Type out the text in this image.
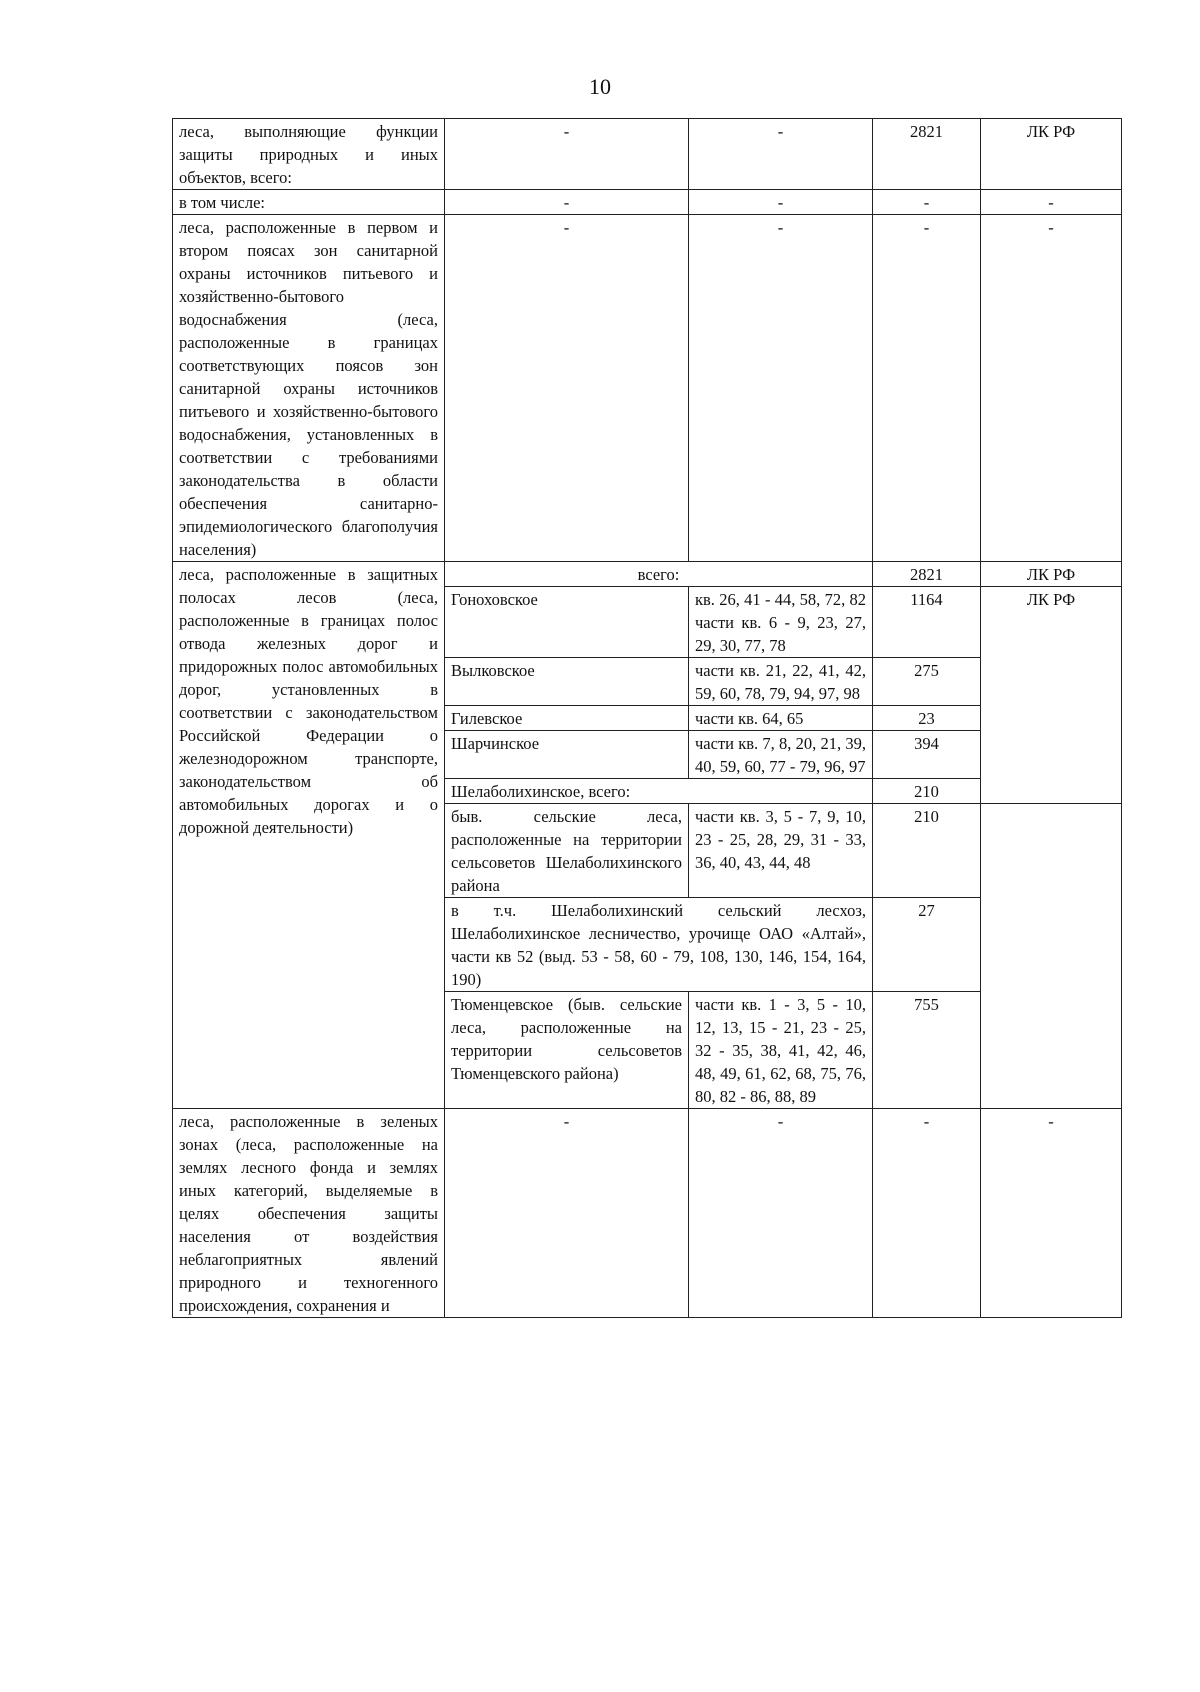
10
леса, выполняющие функции защиты природных и иных объектов, всего:	-	-	2821	ЛК РФ
в том числе:	-	-	-	-
леса, расположенные в первом и втором поясах зон санитарной охраны источников питьевого и хозяйственно-бытового водоснабжения (леса, расположенные в границах соответствующих поясов зон санитарной охраны источников питьевого и хозяйственно-бытового водоснабжения, установленных в соответствии с требованиями законодательства в области обеспечения санитарно-эпидемиологического благополучия населения)	-	-	-	-
леса, расположенные в защитных полосах лесов (леса, расположенные в границах полос отвода железных дорог и придорожных полос автомобильных дорог, установленных в соответствии с законодательством Российской Федерации о железнодорожном транспорте, законодательством об автомобильных дорогах и о дорожной деятельности)	всего:		2821	ЛК РФ
	Гоноховское	кв. 26, 41 - 44, 58, 72, 82 части кв. 6 - 9, 23, 27, 29, 30, 77, 78	1164	ЛК РФ
	Вылковское	части кв. 21, 22, 41, 42, 59, 60, 78, 79, 94, 97, 98	275	
	Гилевское	части кв. 64, 65	23	
	Шарчинское	части кв. 7, 8, 20, 21, 39, 40, 59, 60, 77 - 79, 96, 97	394	
	Шелаболихинское, всего:		210	
	быв. сельские леса, расположенные на территории сельсоветов Шелаболихинского района	части кв. 3, 5 - 7, 9, 10, 23 - 25, 28, 29, 31 - 33, 36, 40, 43, 44, 48	210	
	в т.ч. Шелаболихинский сельский лесхоз, Шелаболихинское лесничество, урочище ОАО «Алтай», части кв 52 (выд. 53 - 58, 60 - 79, 108, 130, 146, 154, 164, 190)		27	
	Тюменцевское (быв. сельские леса, расположенные на территории сельсоветов Тюменцевского района)	части кв. 1 - 3, 5 - 10, 12, 13, 15 - 21, 23 - 25, 32 - 35, 38, 41, 42, 46, 48, 49, 61, 62, 68, 75, 76, 80, 82 - 86, 88, 89	755	

леса, расположенные в зеленых зонах (леса, расположенные на землях лесного фонда и землях иных категорий, выделяемые в целях обеспечения защиты населения от воздействия неблагоприятных явлений природного и техногенного происхождения, сохранения и	-	-	-	-
